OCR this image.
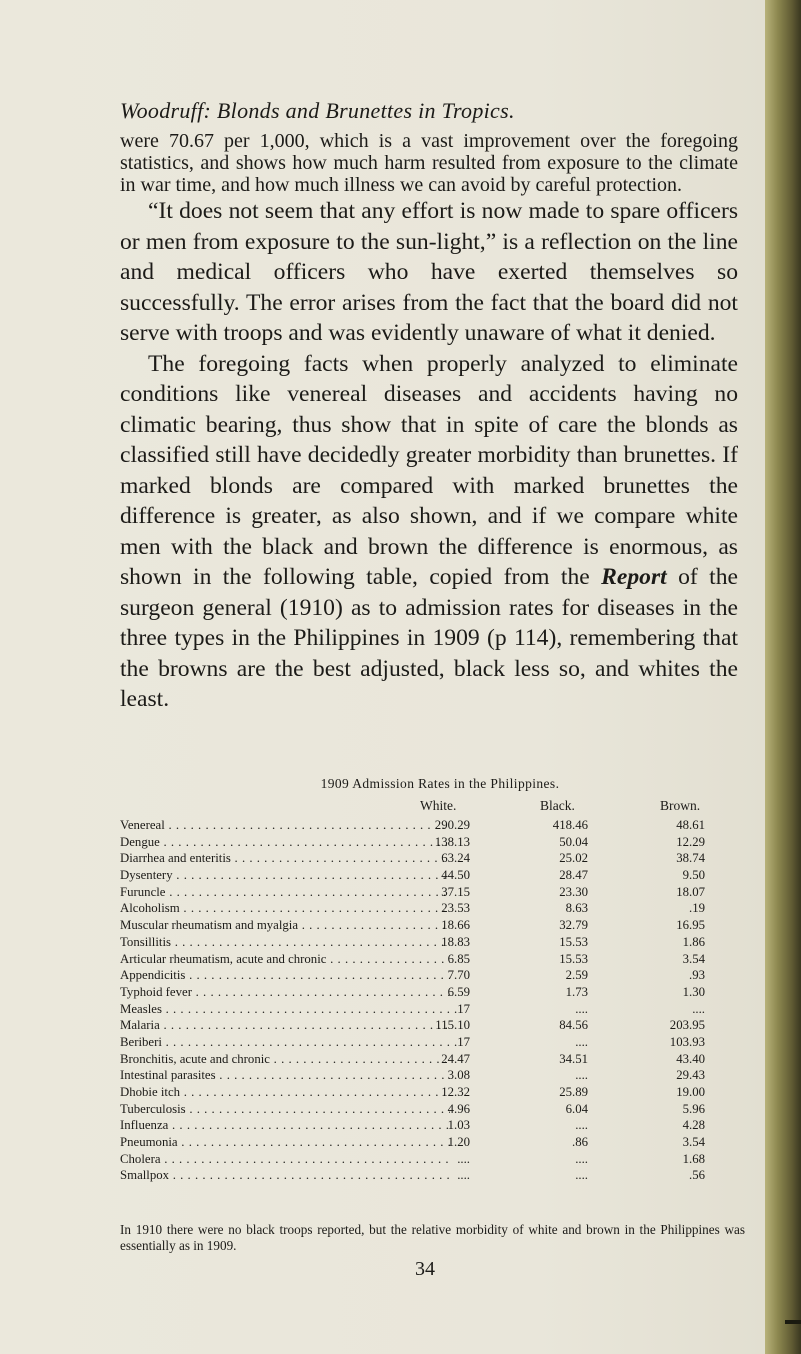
Woodruff: Blonds and Brunettes in Tropics.

were 70.67 per 1,000, which is a vast improvement over the foregoing statistics, and shows how much harm resulted from exposure to the climate in war time, and how much illness we can avoid by careful protection.

“It does not seem that any effort is now made to spare officers or men from exposure to the sun-light,” is a reflection on the line and medical officers who have exerted themselves so successfully. The error arises from the fact that the board did not serve with troops and was evidently unaware of what it denied.

The foregoing facts when properly analyzed to eliminate conditions like venereal diseases and accidents having no climatic bearing, thus show that in spite of care the blonds as classified still have decidedly greater morbidity than brunettes. If marked blonds are compared with marked brunettes the difference is greater, as also shown, and if we compare white men with the black and brown the difference is enormous, as shown in the following table, copied from the Report of the surgeon general (1910) as to admission rates for diseases in the three types in the Philippines in 1909 (p 114), remembering that the browns are the best adjusted, black less so, and whites the least.

1909 Admission Rates in the Philippines.
White.	Black.	Brown.
Venereal . . .	290.29	418.46	48.61
Dengue . . .	138.13	50.04	12.29
Diarrhea and enteritis . . .	63.24	25.02	38.74
Dysentery . . .	44.50	28.47	9.50
Furuncle . . .	37.15	23.30	18.07
Alcoholism . . .	23.53	8.63	.19
Muscular rheumatism and myalgia . . .	18.66	32.79	16.95
Tonsillitis . . .	18.83	15.53	1.86
Articular rheumatism, acute and chronic . . .	6.85	15.53	3.54
Appendicitis . . .	7.70	2.59	.93
Typhoid fever . . .	6.59	1.73	1.30
Measles . . .	.17	....	....
Malaria . . .	115.10	84.56	203.95
Beriberi . . .	.17	....	103.93
Bronchitis, acute and chronic . . .	24.47	34.51	43.40
Intestinal parasites . . .	3.08	....	29.43
Dhobie itch . . .	12.32	25.89	19.00
Tuberculosis . . .	4.96	6.04	5.96
Influenza . . .	1.03	....	4.28
Pneumonia . . .	1.20	.86	3.54
Cholera . . .	....	....	1.68
Smallpox . . .	....	....	.56
In 1910 there were no black troops reported, but the relative morbidity of white and brown in the Philippines was essentially as in 1909.
34
